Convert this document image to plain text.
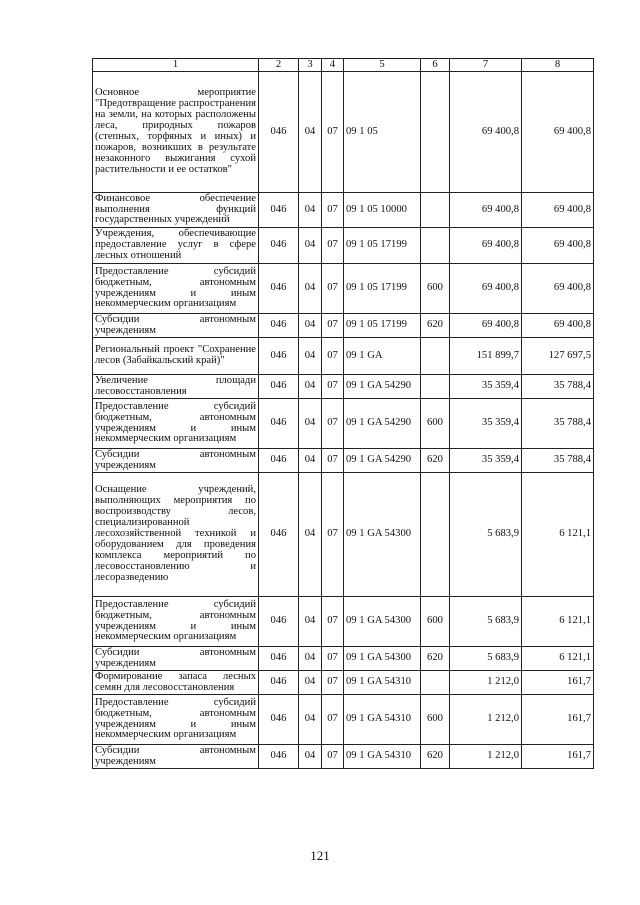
1	2	3	4	5	6	7	8
Основное мероприятие "Предотвращение распространения на земли, на которых расположены леса, природных пожаров (степных, торфяных и иных) и пожаров, возникших в результате незаконного выжигания сухой растительности и ее остатков"	046	04	07	09 1 05		69 400,8	69 400,8
Финансовое обеспечение выполнения функций государственных учреждений	046	04	07	09 1 05 10000		69 400,8	69 400,8
Учреждения, обеспечивающие предоставление услуг в сфере лесных отношений	046	04	07	09 1 05 17199		69 400,8	69 400,8
Предоставление субсидий бюджетным, автономным учреждениям и иным некоммерческим организациям	046	04	07	09 1 05 17199	600	69 400,8	69 400,8
Субсидии автономным учреждениям	046	04	07	09 1 05 17199	620	69 400,8	69 400,8
Региональный проект "Сохранение лесов (Забайкальский край)"	046	04	07	09 1 GA		151 899,7	127 697,5
Увеличение площади лесовосстановления	046	04	07	09 1 GA 54290		35 359,4	35 788,4
Предоставление субсидий бюджетным, автономным учреждениям и иным некоммерческим организациям	046	04	07	09 1 GA 54290	600	35 359,4	35 788,4
Субсидии автономным учреждениям	046	04	07	09 1 GA 54290	620	35 359,4	35 788,4
Оснащение учреждений, выполняющих мероприятия по воспроизводству лесов, специализированной лесохозяйственной техникой и оборудованием для проведения комплекса мероприятий по лесовосстановлению и лесоразведению	046	04	07	09 1 GA 54300		5 683,9	6 121,1
Предоставление субсидий бюджетным, автономным учреждениям и иным некоммерческим организациям	046	04	07	09 1 GA 54300	600	5 683,9	6 121,1
Субсидии автономным учреждениям	046	04	07	09 1 GA 54300	620	5 683,9	6 121,1
Формирование запаса лесных семян для лесовосстановления	046	04	07	09 1 GA 54310		1 212,0	161,7
Предоставление субсидий бюджетным, автономным учреждениям и иным некоммерческим организациям	046	04	07	09 1 GA 54310	600	1 212,0	161,7
Субсидии автономным учреждениям	046	04	07	09 1 GA 54310	620	1 212,0	161,7
121
